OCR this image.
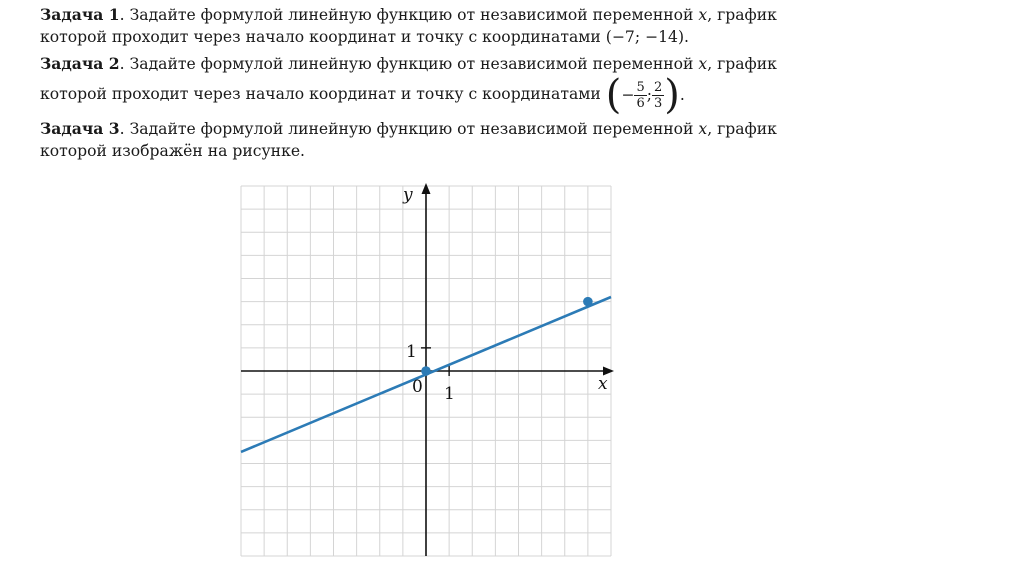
Задача 1. Задайте формулой линейную функцию от независимой переменной x, график которой проходит через начало координат и точку с координатами (−7; −14).
Задача 2. Задайте формулой линейную функцию от независимой переменной x, график которой проходит через начало координат и точку с координатами (− $\frac{5}{6}$ ; $\frac{2}{3}$ ).
Задача 3. Задайте формулой линейную функцию от независимой переменной x, график которой изображён на рисунке.
x
y
0 1
1
